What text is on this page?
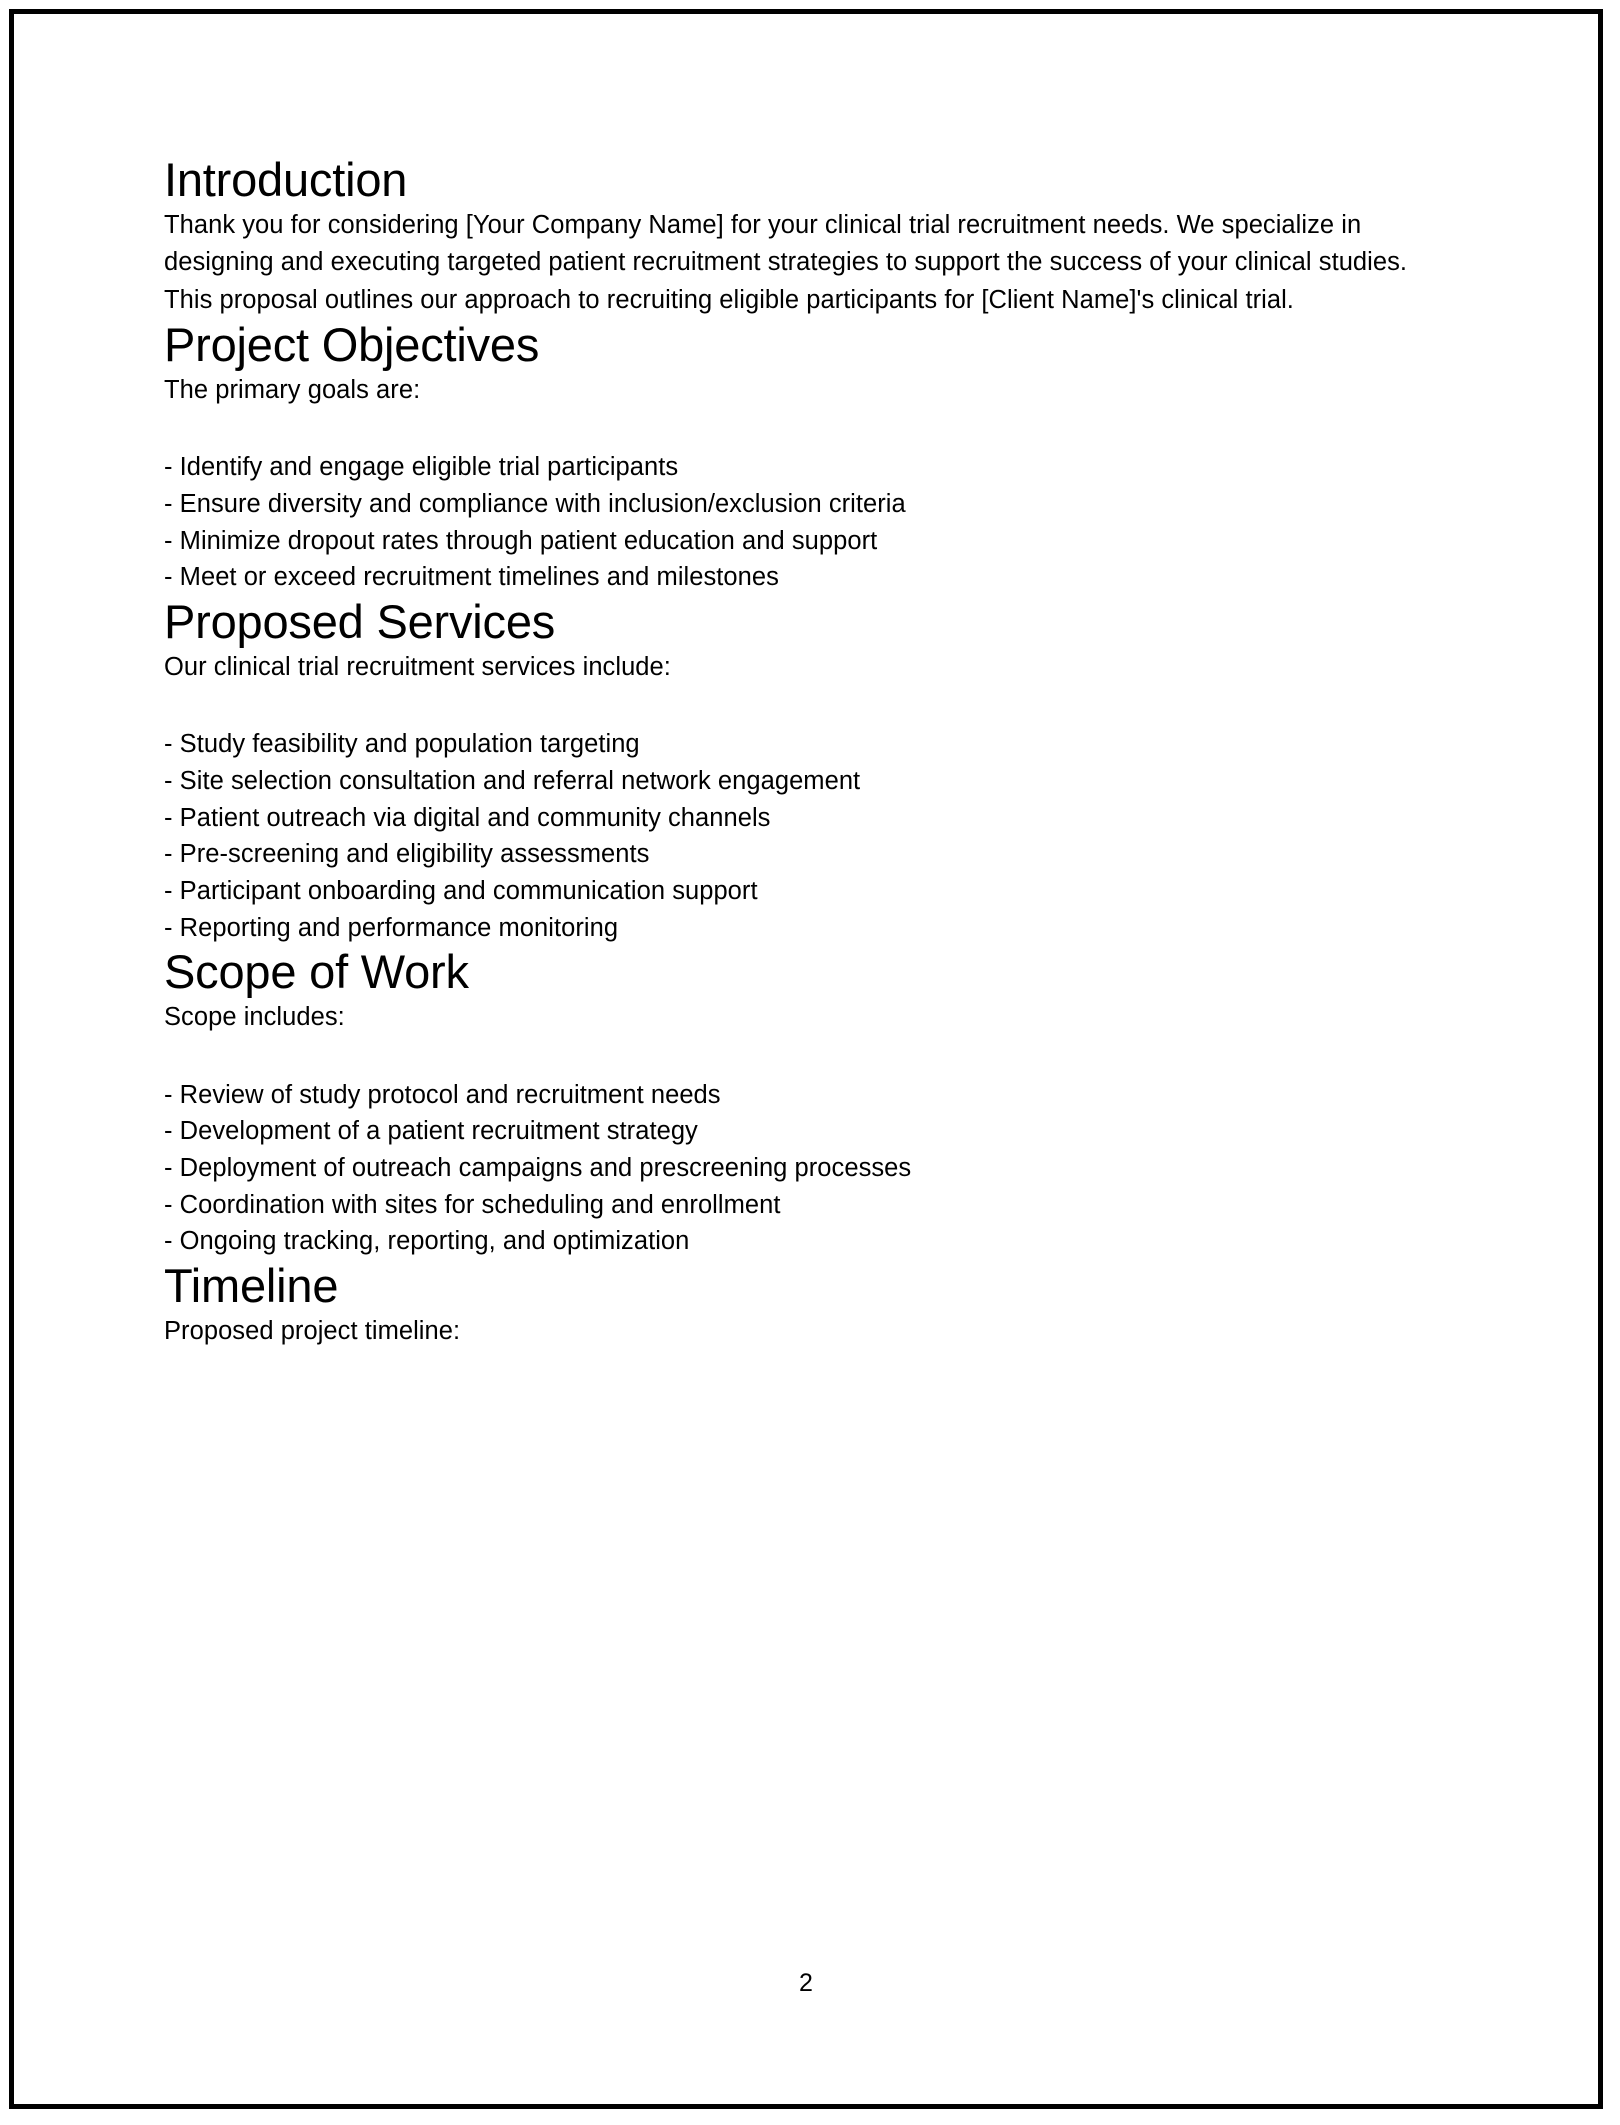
Introduction

Thank you for considering [Your Company Name] for your clinical trial recruitment needs. We specialize in designing and executing targeted patient recruitment strategies to support the success of your clinical studies.

This proposal outlines our approach to recruiting eligible participants for [Client Name]'s clinical trial.

Project Objectives

The primary goals are:

- Identify and engage eligible trial participants
- Ensure diversity and compliance with inclusion/exclusion criteria
- Minimize dropout rates through patient education and support
- Meet or exceed recruitment timelines and milestones
Proposed Services

Our clinical trial recruitment services include:

- Study feasibility and population targeting
- Site selection consultation and referral network engagement
- Patient outreach via digital and community channels
- Pre-screening and eligibility assessments
- Participant onboarding and communication support
- Reporting and performance monitoring
Scope of Work

Scope includes:

- Review of study protocol and recruitment needs
- Development of a patient recruitment strategy
- Deployment of outreach campaigns and prescreening processes
- Coordination with sites for scheduling and enrollment
- Ongoing tracking, reporting, and optimization
Timeline

Proposed project timeline:

2
